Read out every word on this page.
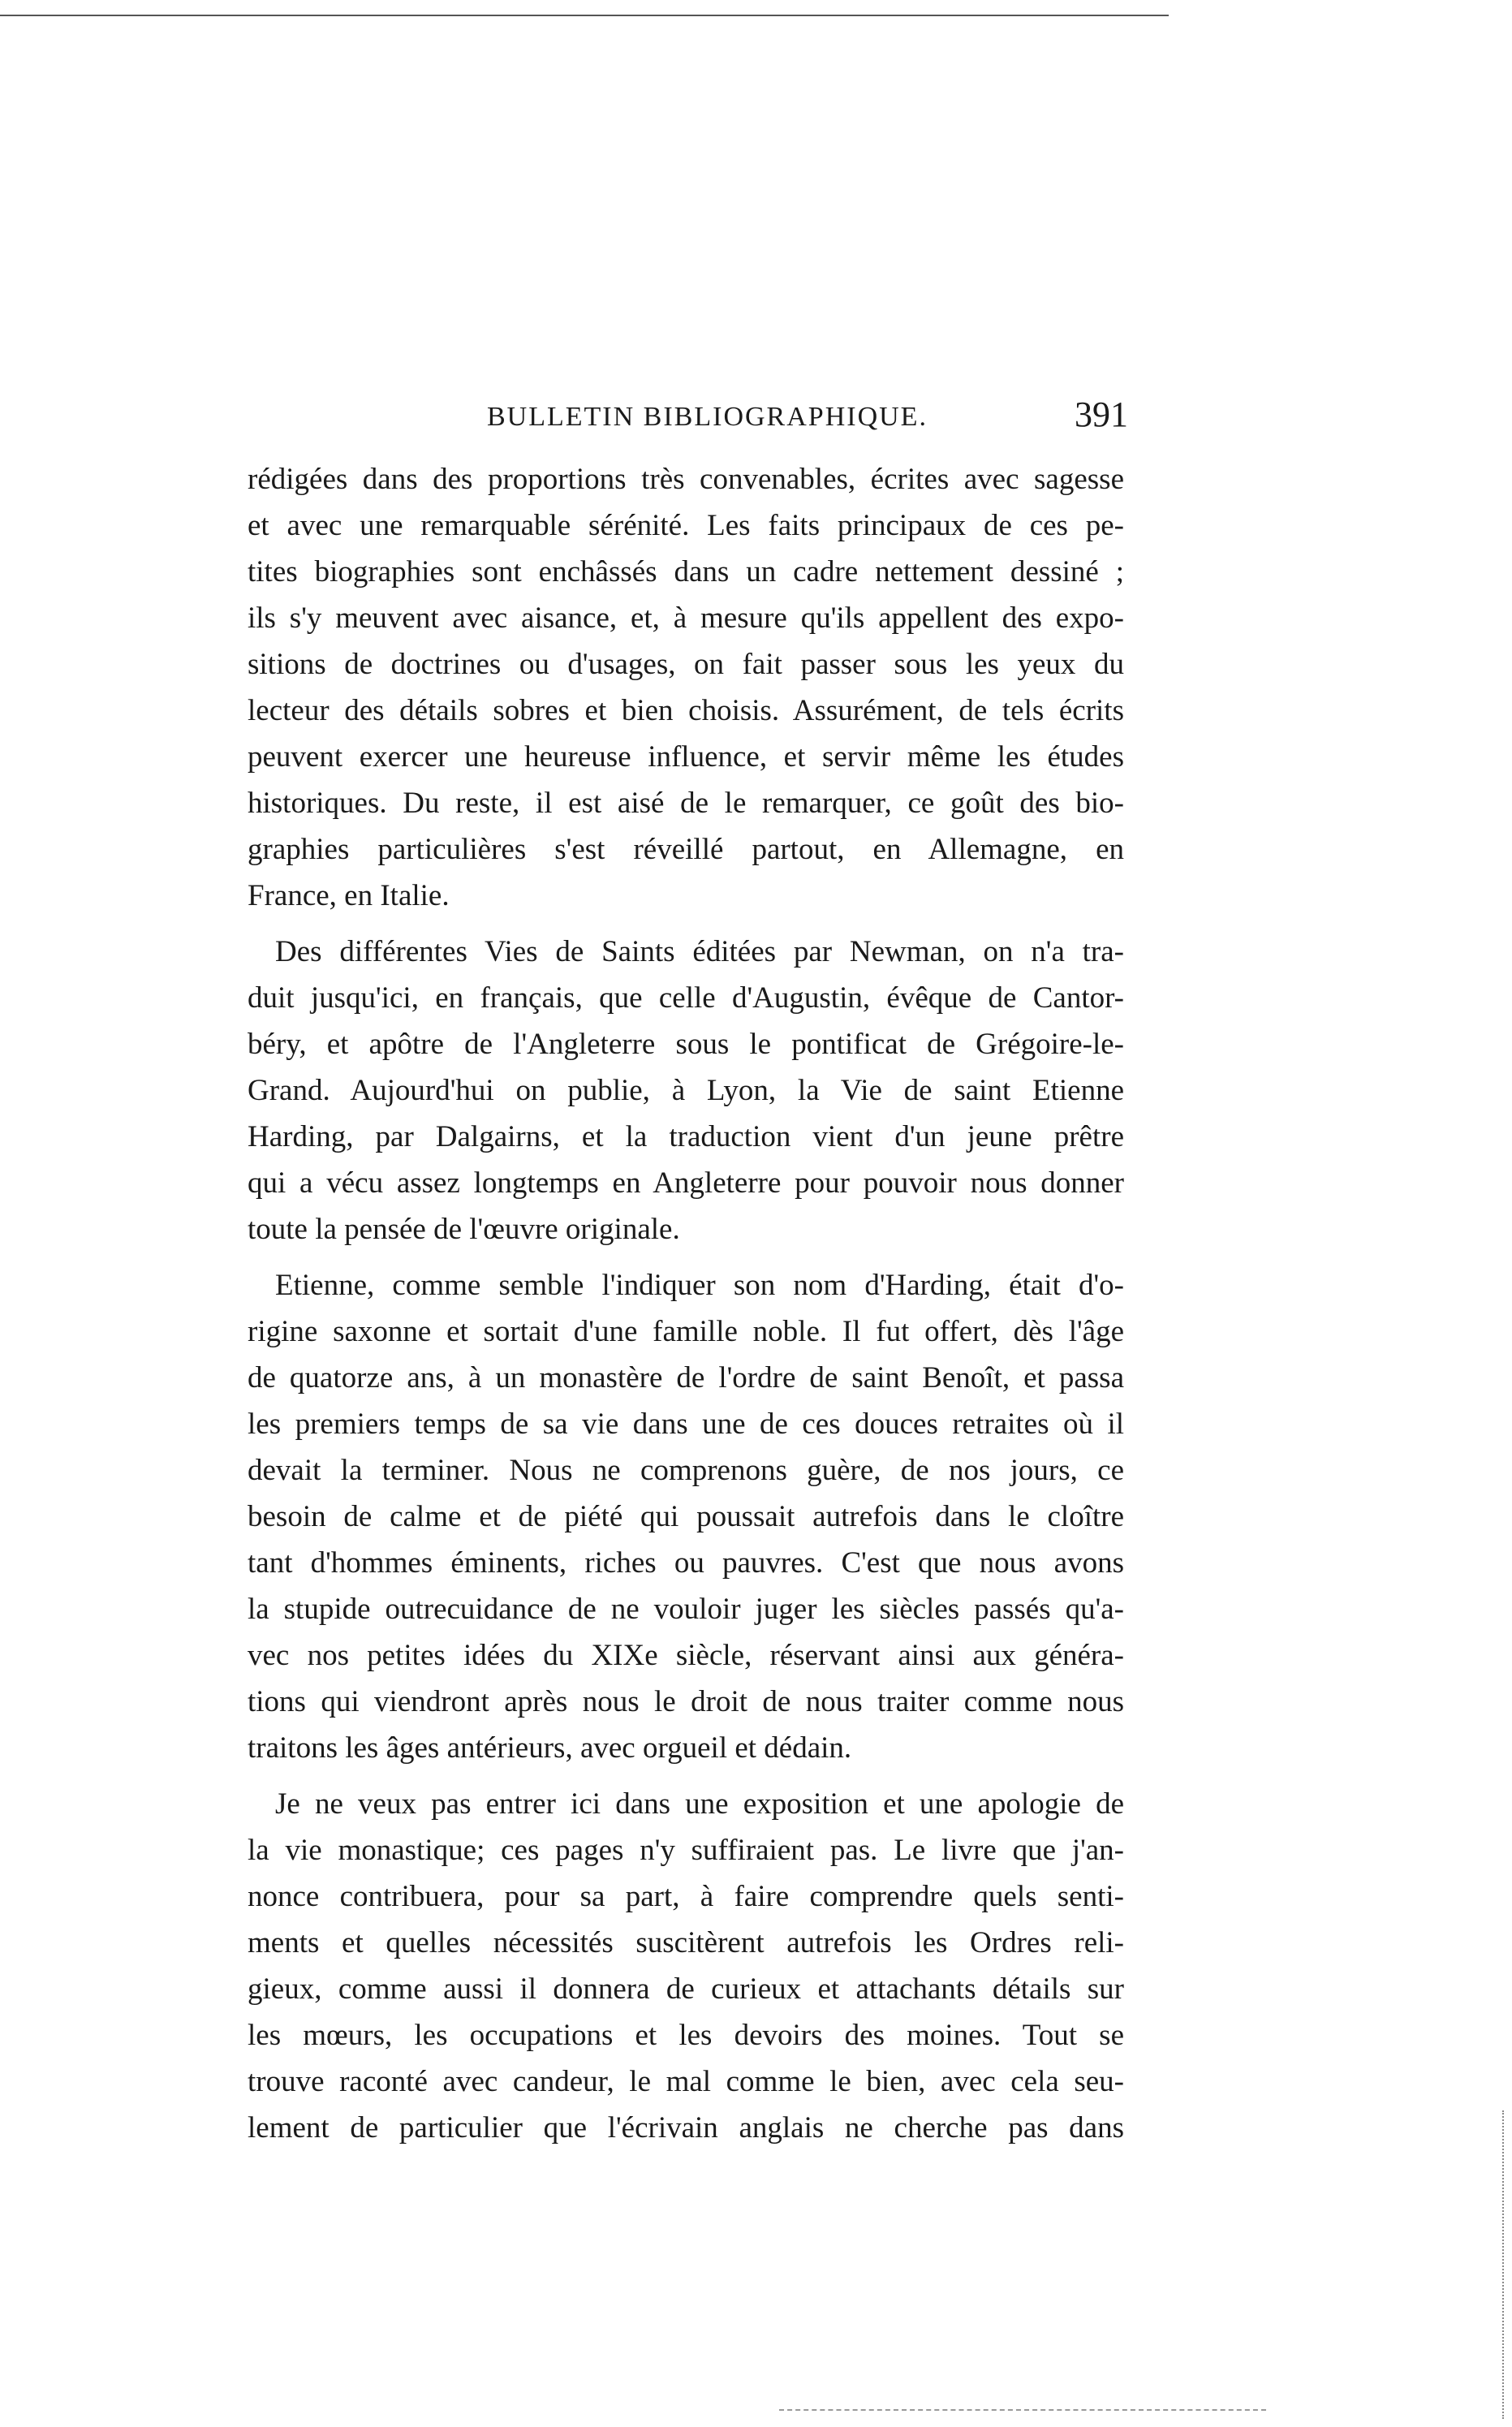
BULLETIN BIBLIOGRAPHIQUE.	391
rédigées dans des proportions très convenables, écrites avec sagesse
et avec une remarquable sérénité. Les faits principaux de ces pe-
tites biographies sont enchâssés dans un cadre nettement dessiné ;
ils s'y meuvent avec aisance, et, à mesure qu'ils appellent des expo-
sitions de doctrines ou d'usages, on fait passer sous les yeux du
lecteur des détails sobres et bien choisis. Assurément, de tels écrits
peuvent exercer une heureuse influence, et servir même les études
historiques. Du reste, il est aisé de le remarquer, ce goût des bio-
graphies particulières s'est réveillé partout, en Allemagne, en
France, en Italie.
Des différentes Vies de Saints éditées par Newman, on n'a tra-
duit jusqu'ici, en français, que celle d'Augustin, évêque de Cantor-
béry, et apôtre de l'Angleterre sous le pontificat de Grégoire-le-
Grand. Aujourd'hui on publie, à Lyon, la Vie de saint Etienne
Harding, par Dalgairns, et la traduction vient d'un jeune prêtre
qui a vécu assez longtemps en Angleterre pour pouvoir nous donner
toute la pensée de l'œuvre originale.
Etienne, comme semble l'indiquer son nom d'Harding, était d'o-
rigine saxonne et sortait d'une famille noble. Il fut offert, dès l'âge
de quatorze ans, à un monastère de l'ordre de saint Benoît, et passa
les premiers temps de sa vie dans une de ces douces retraites où il
devait la terminer. Nous ne comprenons guère, de nos jours, ce
besoin de calme et de piété qui poussait autrefois dans le cloître
tant d'hommes éminents, riches ou pauvres. C'est que nous avons
la stupide outrecuidance de ne vouloir juger les siècles passés qu'a-
vec nos petites idées du XIXe siècle, réservant ainsi aux généra-
tions qui viendront après nous le droit de nous traiter comme nous
traitons les âges antérieurs, avec orgueil et dédain.
Je ne veux pas entrer ici dans une exposition et une apologie de
la vie monastique; ces pages n'y suffiraient pas. Le livre que j'an-
nonce contribuera, pour sa part, à faire comprendre quels senti-
ments et quelles nécessités suscitèrent autrefois les Ordres reli-
gieux, comme aussi il donnera de curieux et attachants détails sur
les mœurs, les occupations et les devoirs des moines. Tout se
trouve raconté avec candeur, le mal comme le bien, avec cela seu-
lement de particulier que l'écrivain anglais ne cherche pas dans
